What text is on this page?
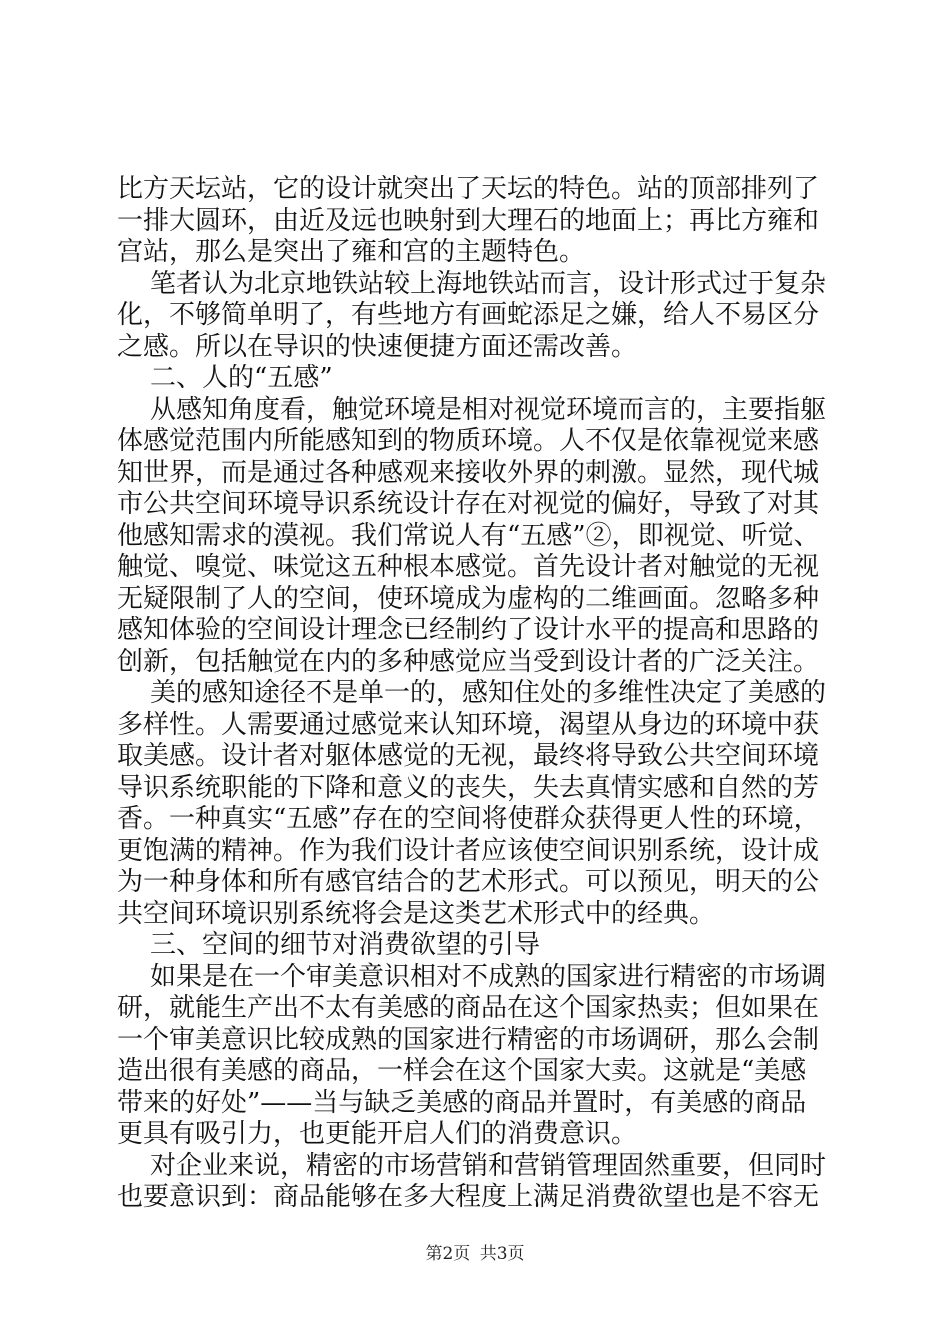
比方天坛站，它的设计就突出了天坛的特色。站的顶部排列了
一排大圆环，由近及远也映射到大理石的地面上；再比方雍和
宫站，那么是突出了雍和宫的主题特色。
笔者认为北京地铁站较上海地铁站而言，设计形式过于复杂
化，不够简单明了，有些地方有画蛇添足之嫌，给人不易区分
之感。所以在导识的快速便捷方面还需改善。
二、人的“五感”
从感知角度看，触觉环境是相对视觉环境而言的，主要指躯
体感觉范围内所能感知到的物质环境。人不仅是依靠视觉来感
知世界，而是通过各种感观来接收外界的刺激。显然，现代城
市公共空间环境导识系统设计存在对视觉的偏好，导致了对其
他感知需求的漠视。我们常说人有“五感”②，即视觉、听觉、
触觉、嗅觉、味觉这五种根本感觉。首先设计者对触觉的无视
无疑限制了人的空间，使环境成为虚构的二维画面。忽略多种
感知体验的空间设计理念已经制约了设计水平的提高和思路的
创新，包括触觉在内的多种感觉应当受到设计者的广泛关注。
美的感知途径不是单一的，感知住处的多维性决定了美感的
多样性。人需要通过感觉来认知环境，渴望从身边的环境中获
取美感。设计者对躯体感觉的无视，最终将导致公共空间环境
导识系统职能的下降和意义的丧失，失去真情实感和自然的芳
香。一种真实“五感”存在的空间将使群众获得更人性的环境，
更饱满的精神。作为我们设计者应该使空间识别系统，设计成
为一种身体和所有感官结合的艺术形式。可以预见，明天的公
共空间环境识别系统将会是这类艺术形式中的经典。
三、空间的细节对消费欲望的引导
如果是在一个审美意识相对不成熟的国家进行精密的市场调
研，就能生产出不太有美感的商品在这个国家热卖；但如果在
一个审美意识比较成熟的国家进行精密的市场调研，那么会制
造出很有美感的商品，一样会在这个国家大卖。这就是“美感
带来的好处”——当与缺乏美感的商品并置时，有美感的商品
更具有吸引力，也更能开启人们的消费意识。
对企业来说，精密的市场营销和营销管理固然重要，但同时
也要意识到：商品能够在多大程度上满足消费欲望也是不容无
第2页 共3页
